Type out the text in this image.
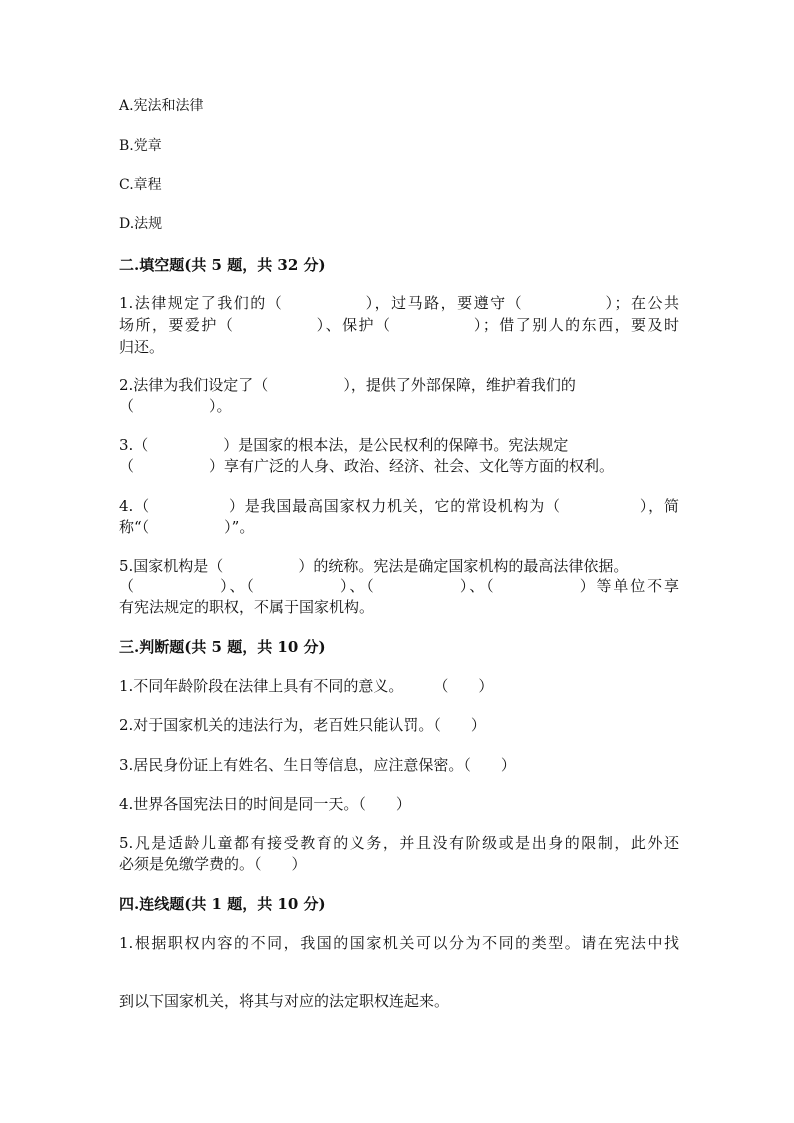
A.宪法和法律
B.党章
C.章程
D.法规
二.填空题(共 5 题，共 32 分)
1.法律规定了我们的（　　　　　），过马路，要遵守（　　　　　）；在公共
场所，要爱护（　　　　　）、保护（　　　　　）；借了别人的东西，要及时
归还。
2.法律为我们设定了（　　　　　），提供了外部保障，维护着我们的
（　　　　　）。
3.（　　　　　）是国家的根本法，是公民权利的保障书。宪法规定
（　　　　　）享有广泛的人身、政治、经济、社会、文化等方面的权利。
4.（　　　　　）是我国最高国家权力机关，它的常设机构为（　　　　　），简
称“（　　　　　）”。
5.国家机构是（　　　　　）的统称。宪法是确定国家机构的最高法律依据。
（　　　　　）、（　　　　　）、（　　　　　）、（　　　　　）等单位不享
有宪法规定的职权，不属于国家机构。
三.判断题(共 5 题，共 10 分)
1.不同年龄阶段在法律上具有不同的意义。　　　（　　）
2.对于国家机关的违法行为，老百姓只能认罚。（　　）
3.居民身份证上有姓名、生日等信息，应注意保密。（　　）
4.世界各国宪法日的时间是同一天。（　　）
5.凡是适龄儿童都有接受教育的义务，并且没有阶级或是出身的限制，此外还
必须是免缴学费的。（　　）
四.连线题(共 1 题，共 10 分)
1.根据职权内容的不同，我国的国家机关可以分为不同的类型。请在宪法中找
到以下国家机关，将其与对应的法定职权连起来。
